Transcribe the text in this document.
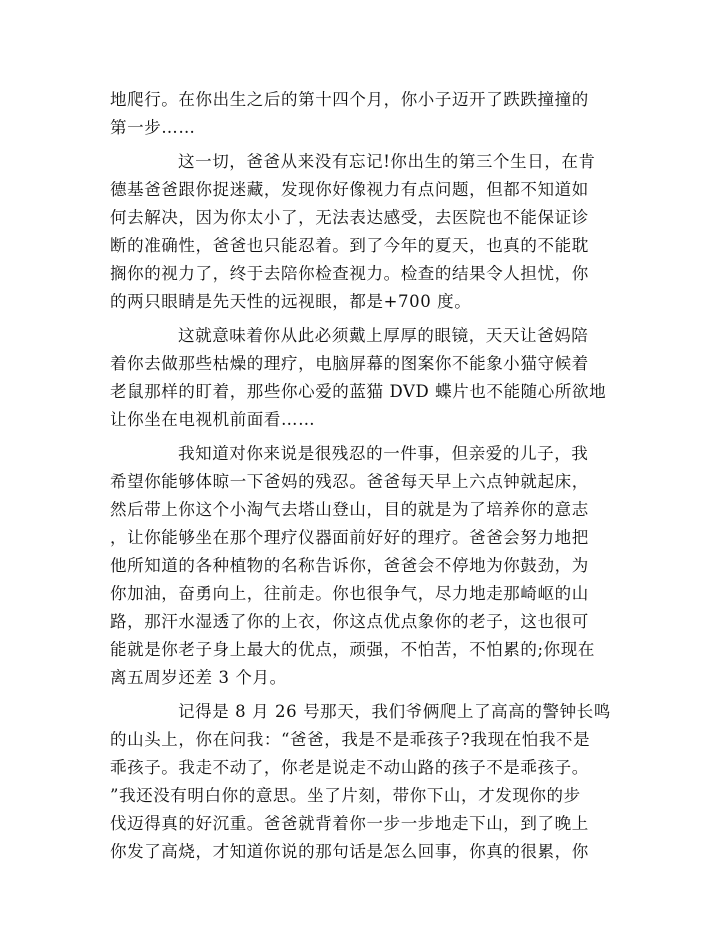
地爬行。在你出生之后的第十四个月，你小子迈开了跌跌撞撞的
第一步……
这一切，爸爸从来没有忘记!你出生的第三个生日，在肯
德基爸爸跟你捉迷藏，发现你好像视力有点问题，但都不知道如
何去解决，因为你太小了，无法表达感受，去医院也不能保证诊
断的准确性，爸爸也只能忍着。到了今年的夏天，也真的不能耽
搁你的视力了，终于去陪你检查视力。检查的结果令人担忧，你
的两只眼睛是先天性的远视眼，都是+700 度。
这就意味着你从此必须戴上厚厚的眼镜，天天让爸妈陪
着你去做那些枯燥的理疗，电脑屏幕的图案你不能象小猫守候着
老鼠那样的盯着，那些你心爱的蓝猫 DVD 蝶片也不能随心所欲地
让你坐在电视机前面看……
我知道对你来说是很残忍的一件事，但亲爱的儿子，我
希望你能够体晾一下爸妈的残忍。爸爸每天早上六点钟就起床，
然后带上你这个小淘气去塔山登山，目的就是为了培养你的意志
，让你能够坐在那个理疗仪器面前好好的理疗。爸爸会努力地把
他所知道的各种植物的名称告诉你，爸爸会不停地为你鼓劲，为
你加油，奋勇向上，往前走。你也很争气，尽力地走那崎岖的山
路，那汗水湿透了你的上衣，你这点优点象你的老子，这也很可
能就是你老子身上最大的优点，顽强，不怕苦，不怕累的;你现在
离五周岁还差 3 个月。
记得是 8 月 26 号那天，我们爷俩爬上了高高的警钟长鸣
的山头上，你在问我：“爸爸，我是不是乖孩子?我现在怕我不是
乖孩子。我走不动了，你老是说走不动山路的孩子不是乖孩子。
”我还没有明白你的意思。坐了片刻，带你下山，才发现你的步
伐迈得真的好沉重。爸爸就背着你一步一步地走下山，到了晚上
你发了高烧，才知道你说的那句话是怎么回事，你真的很累，你
